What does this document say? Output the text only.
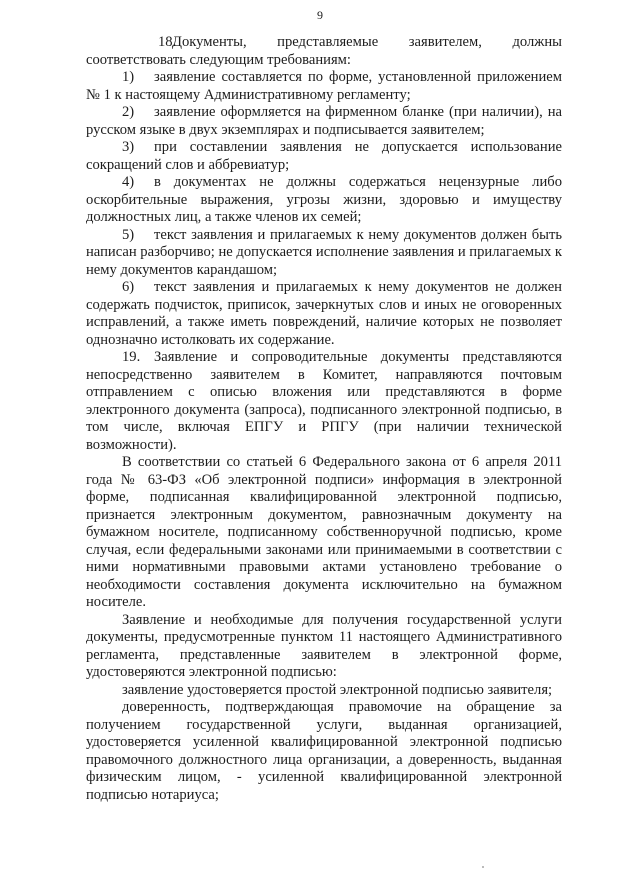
9

18.Документы, представляемые заявителем, должны соответствовать следующим требованиям:

1) заявление составляется по форме, установленной приложением № 1 к настоящему Административному регламенту;

2) заявление оформляется на фирменном бланке (при наличии), на русском языке в двух экземплярах и подписывается заявителем;

3) при составлении заявления не допускается использование сокращений слов и аббревиатур;

4) в документах не должны содержаться нецензурные либо оскорбительные выражения, угрозы жизни, здоровью и имуществу должностных лиц, а также членов их семей;

5) текст заявления и прилагаемых к нему документов должен быть написан разборчиво; не допускается исполнение заявления и прилагаемых к нему документов карандашом;

6) текст заявления и прилагаемых к нему документов не должен содержать подчисток, приписок, зачеркнутых слов и иных не оговоренных исправлений, а также иметь повреждений, наличие которых не позволяет однозначно истолковать их содержание.

19. Заявление и сопроводительные документы представляются непосредственно заявителем в Комитет, направляются почтовым отправлением с описью вложения или представляются в форме электронного документа (запроса), подписанного электронной подписью, в том числе, включая ЕПГУ и РПГУ (при наличии технической возможности).

В соответствии со статьей 6 Федерального закона от 6 апреля 2011 года № 63-ФЗ «Об электронной подписи» информация в электронной форме, подписанная квалифицированной электронной подписью, признается электронным документом, равнозначным документу на бумажном носителе, подписанному собственноручной подписью, кроме случая, если федеральными законами или принимаемыми в соответствии с ними нормативными правовыми актами установлено требование о необходимости составления документа исключительно на бумажном носителе.

Заявление и необходимые для получения государственной услуги документы, предусмотренные пунктом 11 настоящего Административного регламента, представленные заявителем в электронной форме, удостоверяются электронной подписью:

заявление удостоверяется простой электронной подписью заявителя;

доверенность, подтверждающая правомочие на обращение за получением государственной услуги, выданная организацией, удостоверяется усиленной квалифицированной электронной подписью правомочного должностного лица организации, а доверенность, выданная физическим лицом, - усиленной квалифицированной электронной подписью нотариуса;
